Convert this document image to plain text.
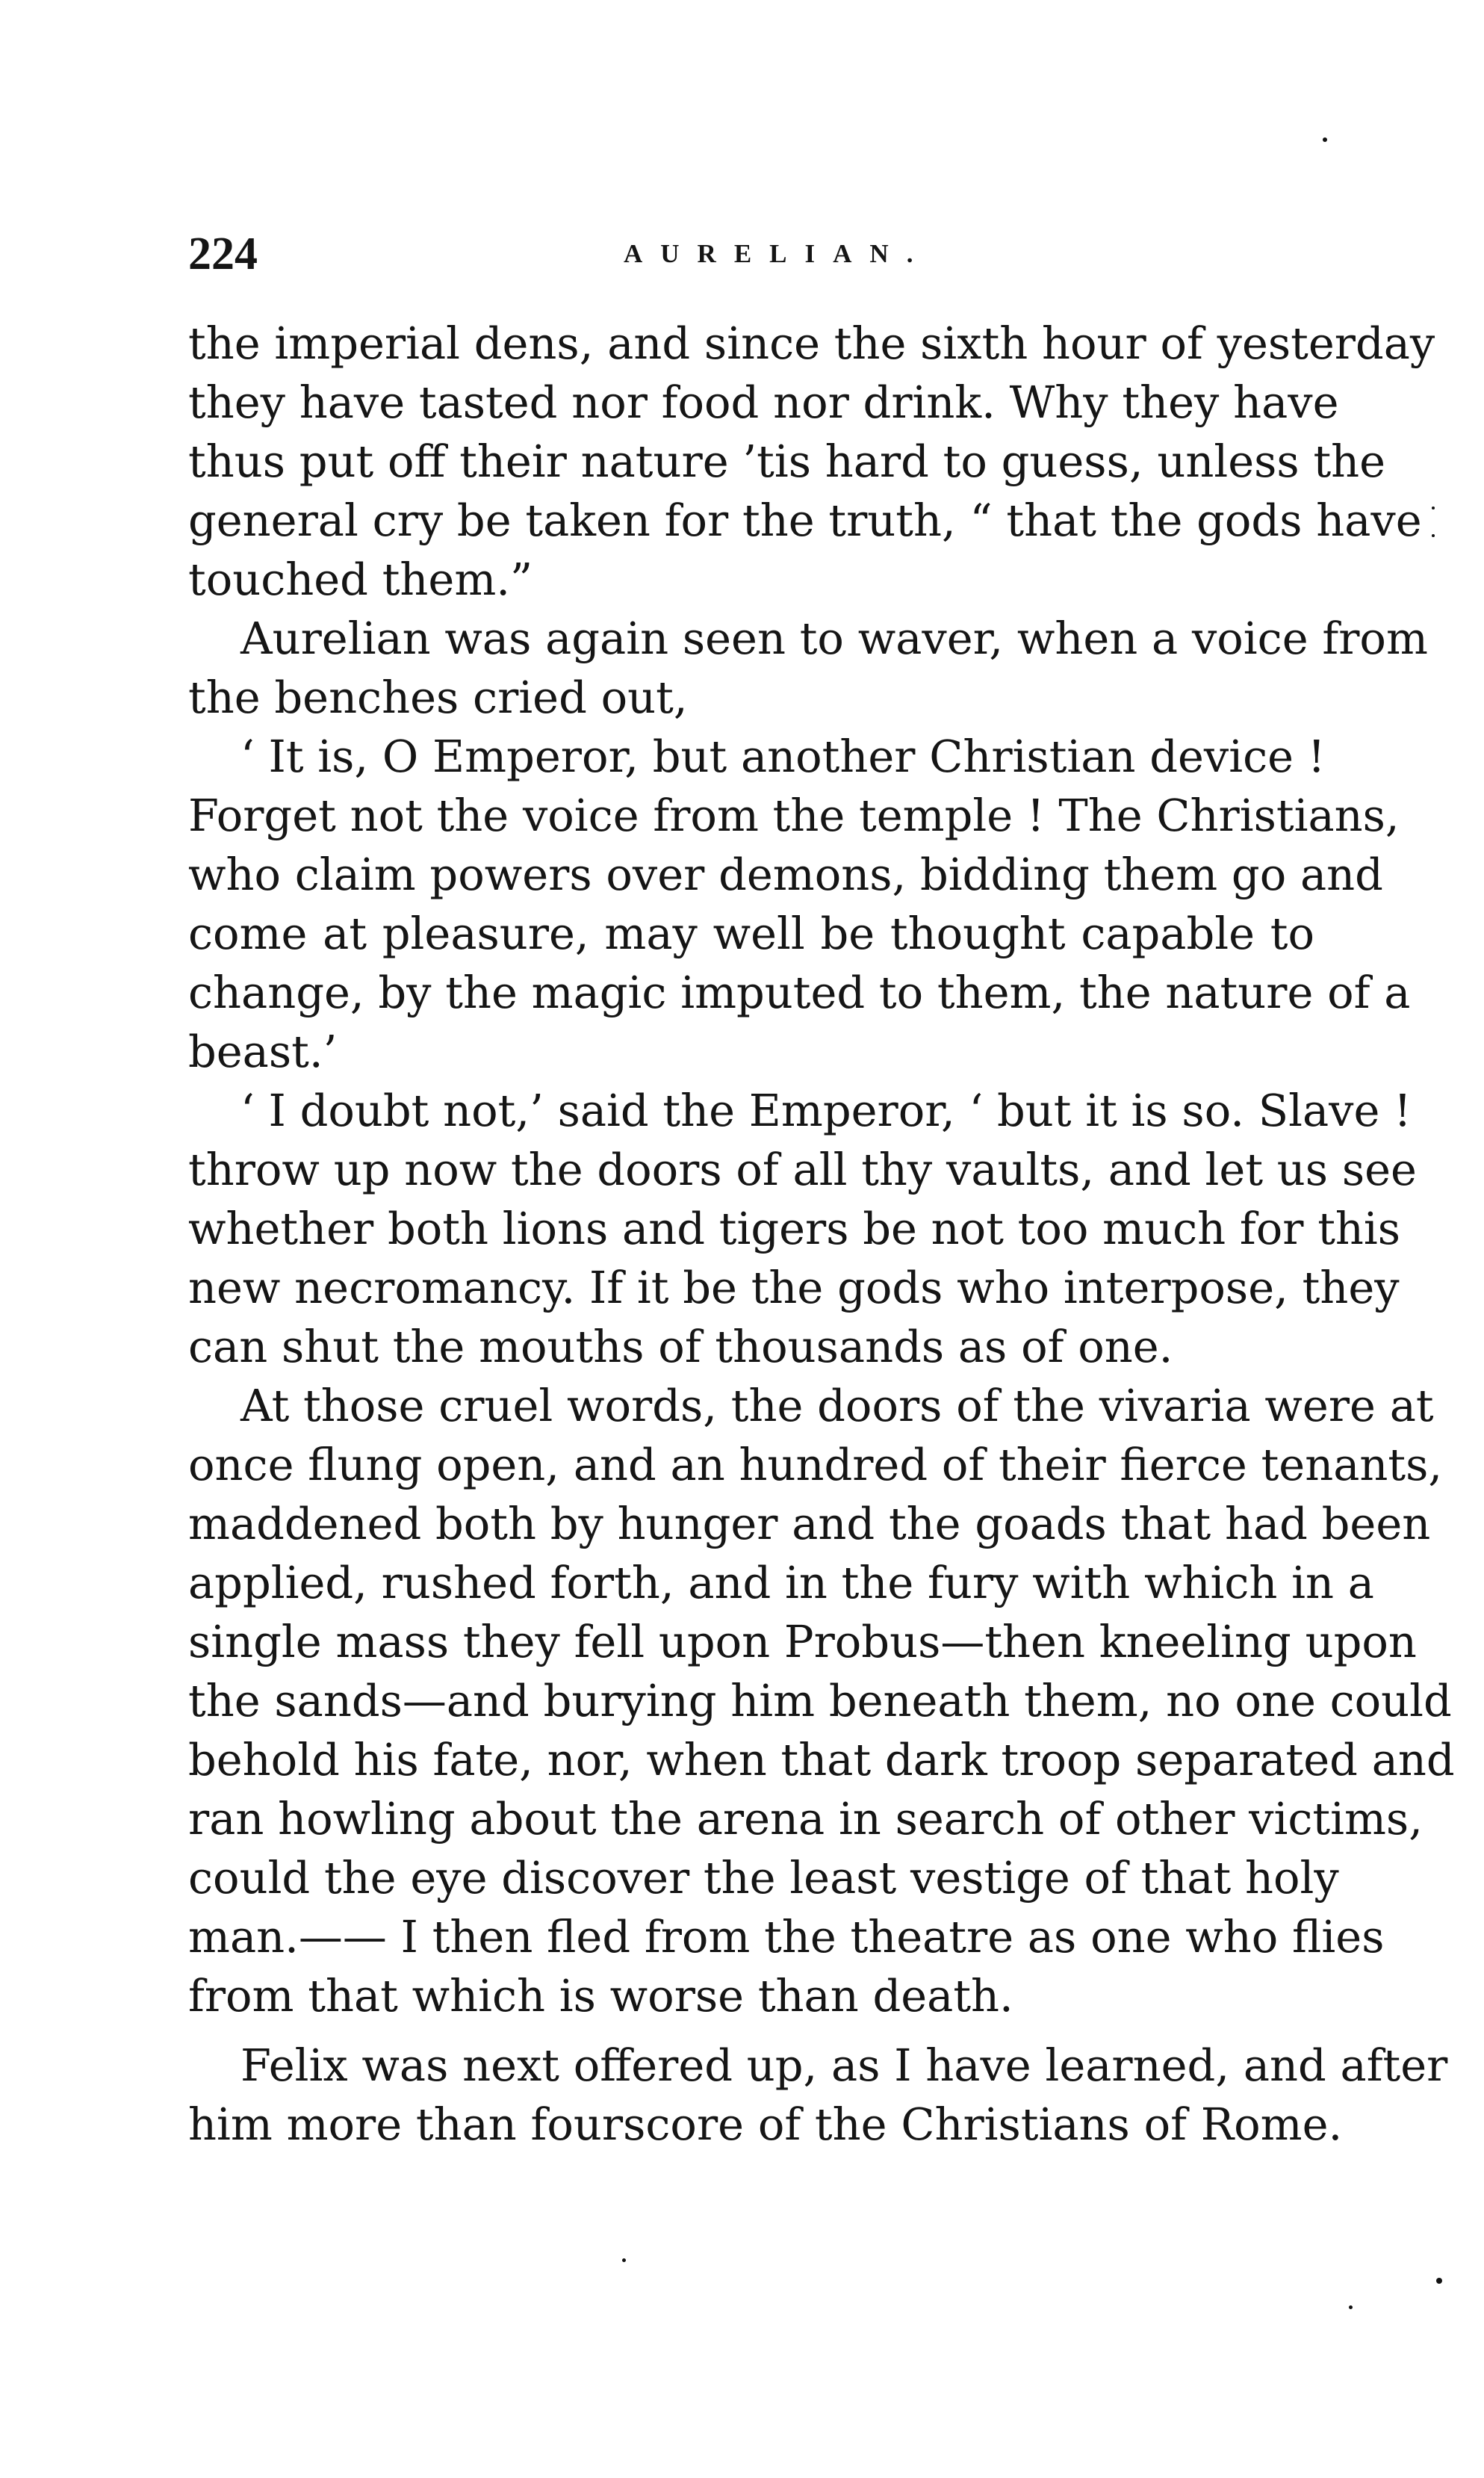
224	AURELIAN.

the imperial dens, and since the sixth hour of yesterday
they have tasted nor food nor drink. Why they have
thus put off their nature ’tis hard to guess, unless the
general cry be taken for the truth, “ that the gods have
touched them.”

Aurelian was again seen to waver, when a voice from
the benches cried out,

‘ It is, O Emperor, but another Christian device !
Forget not the voice from the temple ! The Christians,
who claim powers over demons, bidding them go and
come at pleasure, may well be thought capable to
change, by the magic imputed to them, the nature of a
beast.’

‘ I doubt not,’ said the Emperor, ‘ but it is so. Slave !
throw up now the doors of all thy vaults, and let us see
whether both lions and tigers be not too much for this
new necromancy. If it be the gods who interpose, they
can shut the mouths of thousands as of one.

At those cruel words, the doors of the vivaria were at
once flung open, and an hundred of their fierce tenants,
maddened both by hunger and the goads that had been
applied, rushed forth, and in the fury with which in a
single mass they fell upon Probus—then kneeling upon
the sands—and burying him beneath them, no one could
behold his fate, nor, when that dark troop separated and
ran howling about the arena in search of other victims,
could the eye discover the least vestige of that holy
man.—— I then fled from the theatre as one who flies
from that which is worse than death.

Felix was next offered up, as I have learned, and after
him more than fourscore of the Christians of Rome.
